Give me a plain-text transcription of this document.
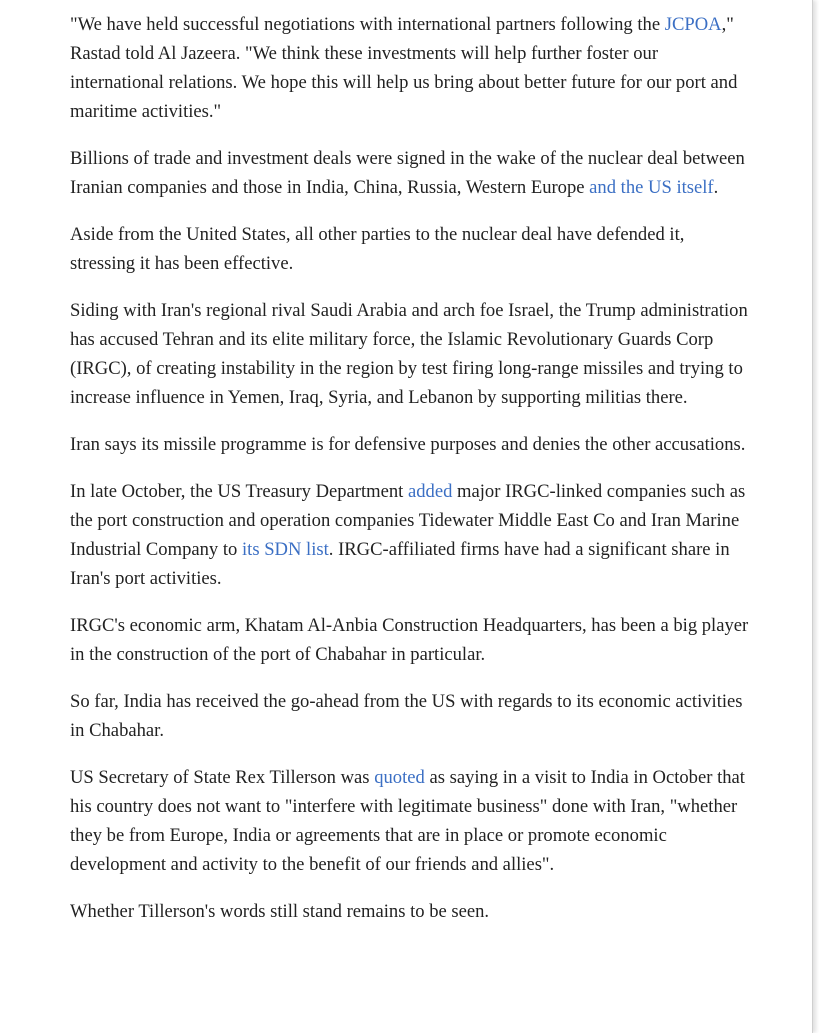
"We have held successful negotiations with international partners following the JCPOA," Rastad told Al Jazeera. "We think these investments will help further foster our international relations. We hope this will help us bring about better future for our port and maritime activities."

Billions of trade and investment deals were signed in the wake of the nuclear deal between Iranian companies and those in India, China, Russia, Western Europe and the US itself.

Aside from the United States, all other parties to the nuclear deal have defended it, stressing it has been effective.

Siding with Iran's regional rival Saudi Arabia and arch foe Israel, the Trump administration has accused Tehran and its elite military force, the Islamic Revolutionary Guards Corp (IRGC), of creating instability in the region by test firing long-range missiles and trying to increase influence in Yemen, Iraq, Syria, and Lebanon by supporting militias there.

Iran says its missile programme is for defensive purposes and denies the other accusations.

In late October, the US Treasury Department added major IRGC-linked companies such as the port construction and operation companies Tidewater Middle East Co and Iran Marine Industrial Company to its SDN list. IRGC-affiliated firms have had a significant share in Iran's port activities.

IRGC's economic arm, Khatam Al-Anbia Construction Headquarters, has been a big player in the construction of the port of Chabahar in particular.

So far, India has received the go-ahead from the US with regards to its economic activities in Chabahar.

US Secretary of State Rex Tillerson was quoted as saying in a visit to India in October that his country does not want to "interfere with legitimate business" done with Iran, "whether they be from Europe, India or agreements that are in place or promote economic development and activity to the benefit of our friends and allies".

Whether Tillerson's words still stand remains to be seen.
